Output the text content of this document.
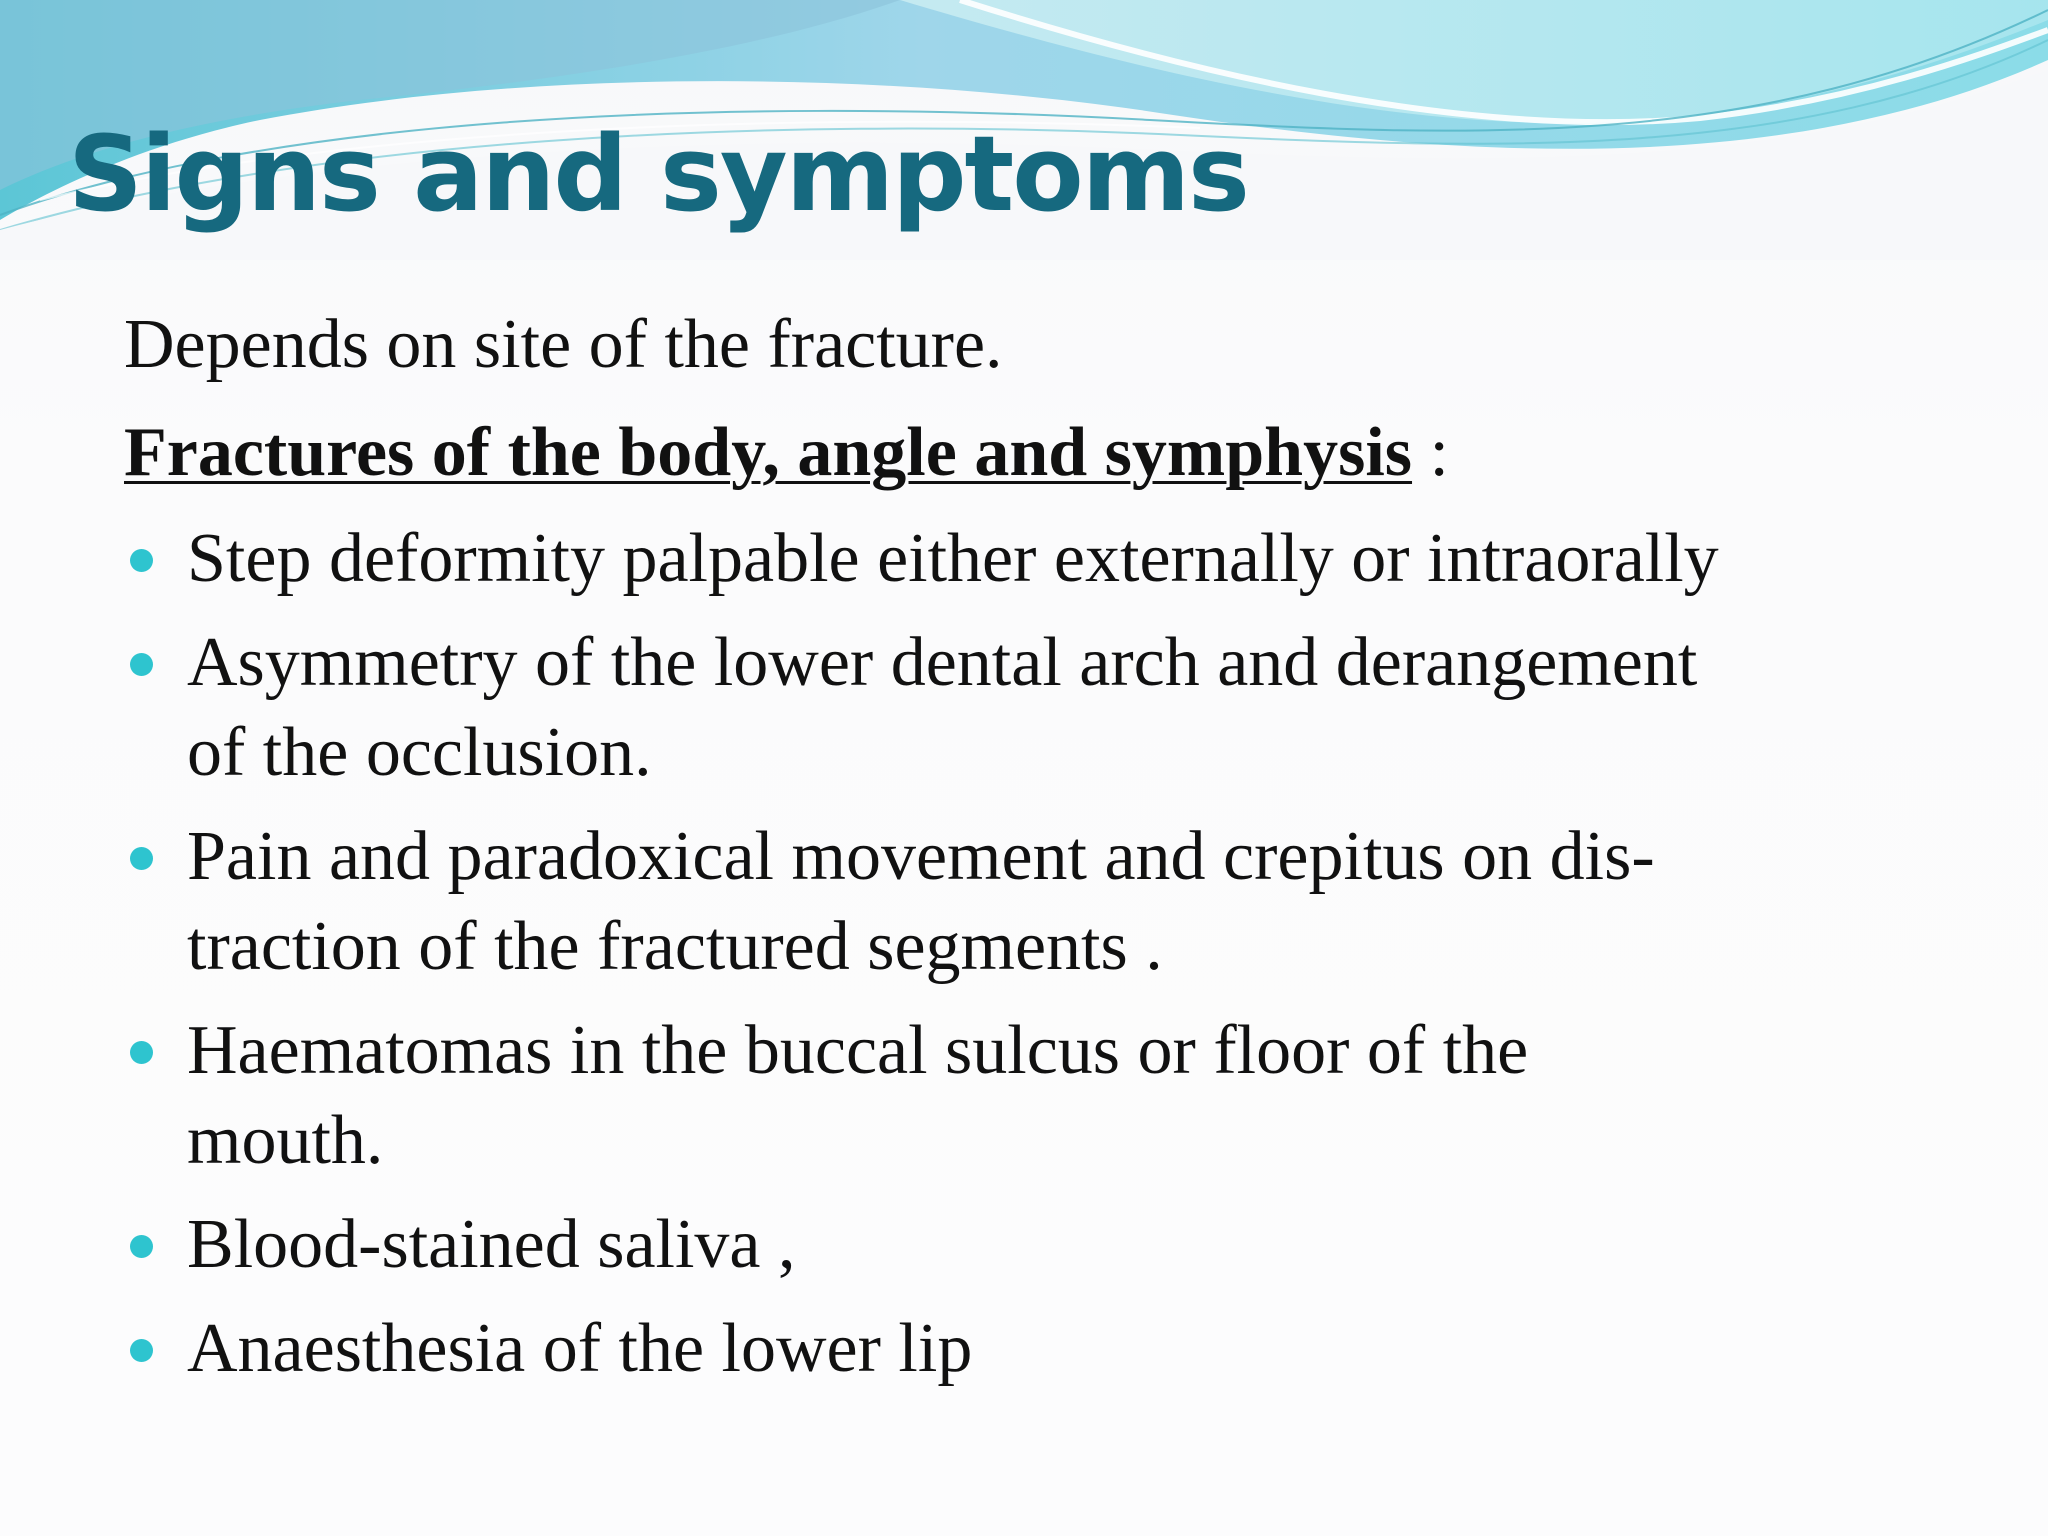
Signs and symptoms

Depends on site of the fracture.

Fractures of the body, angle and symphysis :

Step deformity palpable either externally or intraorally
Asymmetry of the lower dental arch and derangement
of the occlusion.
Pain and paradoxical movement and crepitus on dis-
traction of the fractured segments .
Haematomas in the buccal sulcus or floor of the
mouth.
Blood-stained saliva ,
Anaesthesia of the lower lip
